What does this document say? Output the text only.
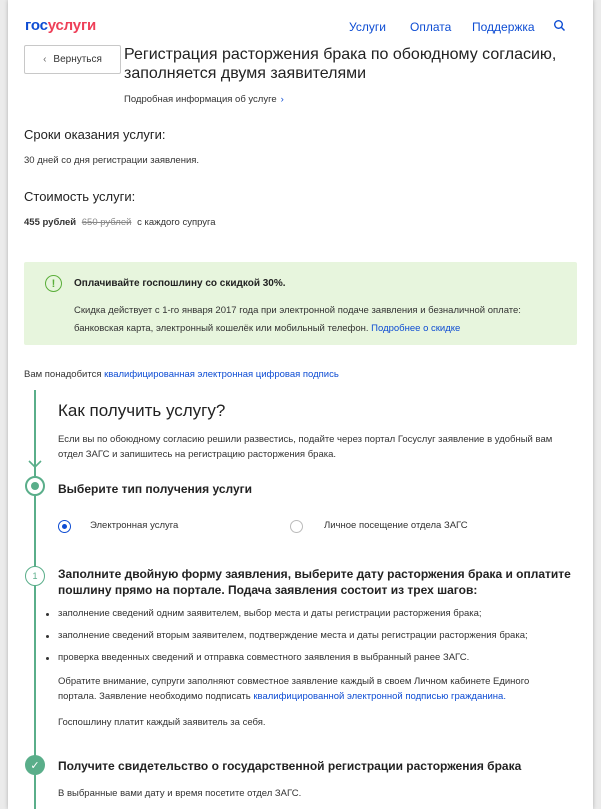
госуслуги	Услуги Оплата Поддержка
‹ Вернуться Регистрация расторжения брака по обоюдному согласию, заполняется двумя заявителями
Подробная информация об услуге ›
Сроки оказания услуги:
30 дней со дня регистрации заявления.
Стоимость услуги:
455 рублей 650 рублей с каждого супруга
!	Оплачивайте госпошлину со скидкой 30%.
Скидка действует с 1-го января 2017 года при электронной подаче заявления и безналичной оплате: банковская карта, электронный кошелёк или мобильный телефон. Подробнее о скидке
Вам понадобится квалифицированная электронная цифровая подпись
Как получить услугу?
Если вы по обоюдному согласию решили развестись, подайте через портал Госуслуг заявление в удобный вам отдел ЗАГС и запишитесь на регистрацию расторжения брака.
Выберите тип получения услуги
Электронная услуга	Личное посещение отдела ЗАГС
1	Заполните двойную форму заявления, выберите дату расторжения брака и оплатите пошлину прямо на портале. Подача заявления состоит из трех шагов:
заполнение сведений одним заявителем, выбор места и даты регистрации расторжения брака;
заполнение сведений вторым заявителем, подтверждение места и даты регистрации расторжения брака;
проверка введенных сведений и отправка совместного заявления в выбранный ранее ЗАГС.
Обратите внимание, супруги заполняют совместное заявление каждый в своем Личном кабинете Единого портала. Заявление необходимо подписать квалифицированной электронной подписью гражданина.
Госпошлину платит каждый заявитель за себя.
✓	Получите свидетельство о государственной регистрации расторжения брака
В выбранные вами дату и время посетите отдел ЗАГС.
